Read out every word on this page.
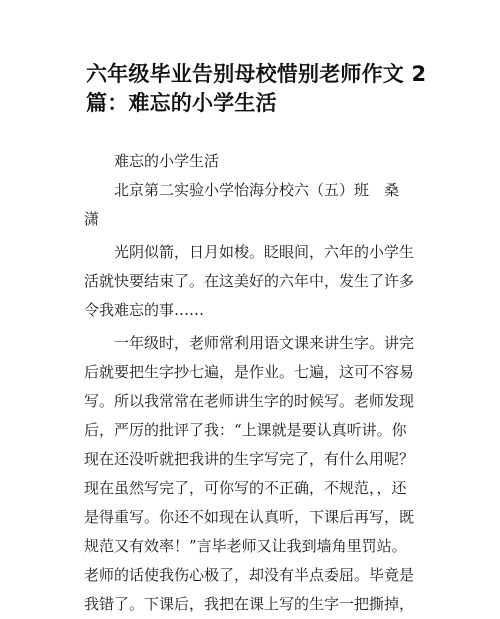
六年级毕业告别母校惜别老师作文 2
篇：难忘的小学生活
难忘的小学生活
北京第二实验小学怡海分校六（五）班　桑
潇
光阴似箭，日月如梭。眨眼间，六年的小学生
活就快要结束了。在这美好的六年中，发生了许多
令我难忘的事……
一年级时，老师常利用语文课来讲生字。讲完
后就要把生字抄七遍，是作业。七遍，这可不容易
写。所以我常常在老师讲生字的时候写。老师发现
后，严厉的批评了我：“上课就是要认真听讲。你
现在还没听就把我讲的生字写完了，有什么用呢？
现在虽然写完了，可你写的不正确，不规范，，还
是得重写。你还不如现在认真听，下课后再写，既
规范又有效率！”言毕老师又让我到墙角里罚站。
老师的话使我伤心极了，却没有半点委屈。毕竟是
我错了。下课后，我把在课上写的生字一把撕掉，
